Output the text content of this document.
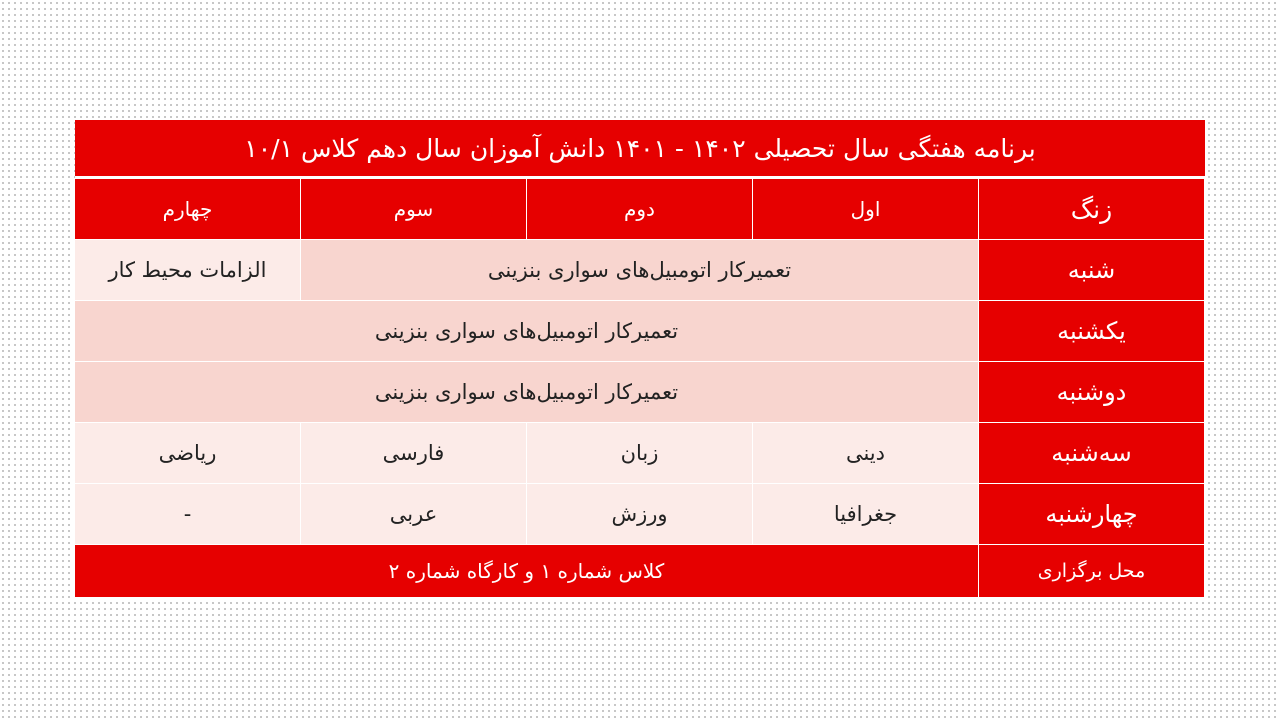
برنامه هفتگی سال تحصیلی ۱۴۰۲ - ۱۴۰۱ دانش آموزان سال دهم کلاس ۱۰/۱
زنگ	اول	دوم	سوم	چهارم
شنبه	تعمیرکار اتومبیل‌های سواری بنزینی			الزامات محیط کار
یکشنبه	تعمیرکار اتومبیل‌های سواری بنزینی			
دوشنبه	تعمیرکار اتومبیل‌های سواری بنزینی			
سه‌شنبه	دینی	زبان	فارسی	ریاضی
چهارشنبه	جغرافیا	ورزش	عربی	-
محل برگزاری	کلاس شماره ۱ و کارگاه شماره ۲			
